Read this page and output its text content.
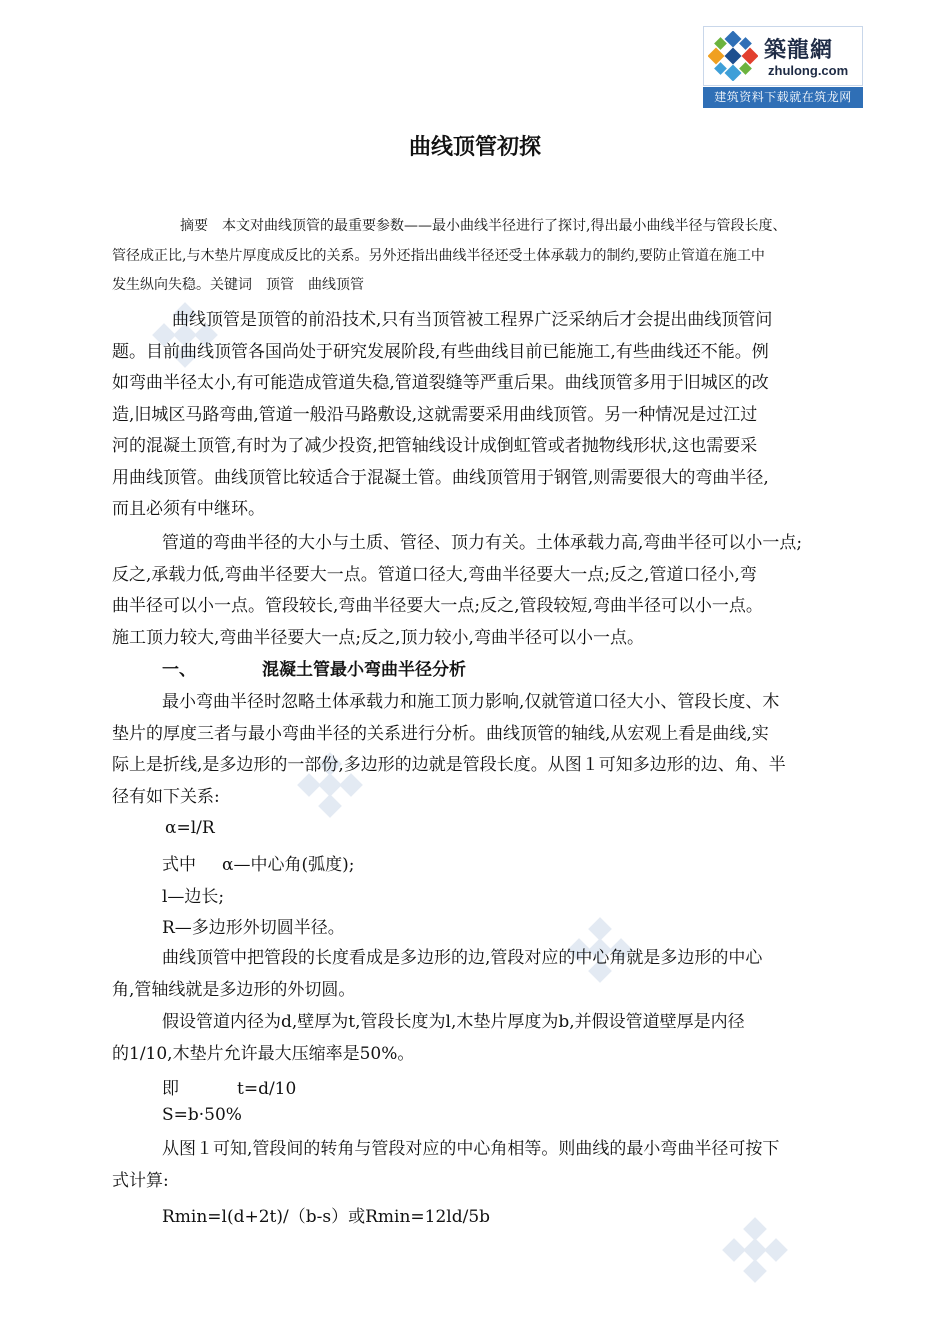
築龍網
zhulong.com
建筑资料下载就在筑龙网
曲线顶管初探
摘要　本文对曲线顶管的最重要参数——最小曲线半径进行了探讨,得出最小曲线半径与管段长度、
管径成正比,与木垫片厚度成反比的关系。另外还指出曲线半径还受土体承载力的制约,要防止管道在施工中
发生纵向失稳。关键词　顶管　曲线顶管

曲线顶管是顶管的前沿技术,只有当顶管被工程界广泛采纳后才会提出曲线顶管问

题。目前曲线顶管各国尚处于研究发展阶段,有些曲线目前已能施工,有些曲线还不能。例

如弯曲半径太小,有可能造成管道失稳,管道裂缝等严重后果。曲线顶管多用于旧城区的改

造,旧城区马路弯曲,管道一般沿马路敷设,这就需要采用曲线顶管。另一种情况是过江过

河的混凝土顶管,有时为了减少投资,把管轴线设计成倒虹管或者抛物线形状,这也需要采

用曲线顶管。曲线顶管比较适合于混凝土管。曲线顶管用于钢管,则需要很大的弯曲半径,

而且必须有中继环。

管道的弯曲半径的大小与土质、管径、顶力有关。土体承载力高,弯曲半径可以小一点;

反之,承载力低,弯曲半径要大一点。管道口径大,弯曲半径要大一点;反之,管道口径小,弯

曲半径可以小一点。管段较长,弯曲半径要大一点;反之,管段较短,弯曲半径可以小一点。

施工顶力较大,弯曲半径要大一点;反之,顶力较小,弯曲半径可以小一点。

一、	混凝土管最小弯曲半径分析

最小弯曲半径时忽略土体承载力和施工顶力影响,仅就管道口径大小、管段长度、木

垫片的厚度三者与最小弯曲半径的关系进行分析。曲线顶管的轴线,从宏观上看是曲线,实

际上是折线,是多边形的一部份,多边形的边就是管段长度。从图１可知多边形的边、角、半

径有如下关系:

α=l/R
式中 α—中心角(弧度);
l—边长;
R—多边形外切圆半径。

曲线顶管中把管段的长度看成是多边形的边,管段对应的中心角就是多边形的中心

角,管轴线就是多边形的外切圆。

假设管道内径为d,壁厚为t,管段长度为l,木垫片厚度为b,并假设管道壁厚是内径

的1/10,木垫片允许最大压缩率是50%。

即	t=d/10
S=b·50%

从图１可知,管段间的转角与管段对应的中心角相等。则曲线的最小弯曲半径可按下

式计算:

Rmin=l(d+2t)/（b-s）或Rmin=12ld/5b
